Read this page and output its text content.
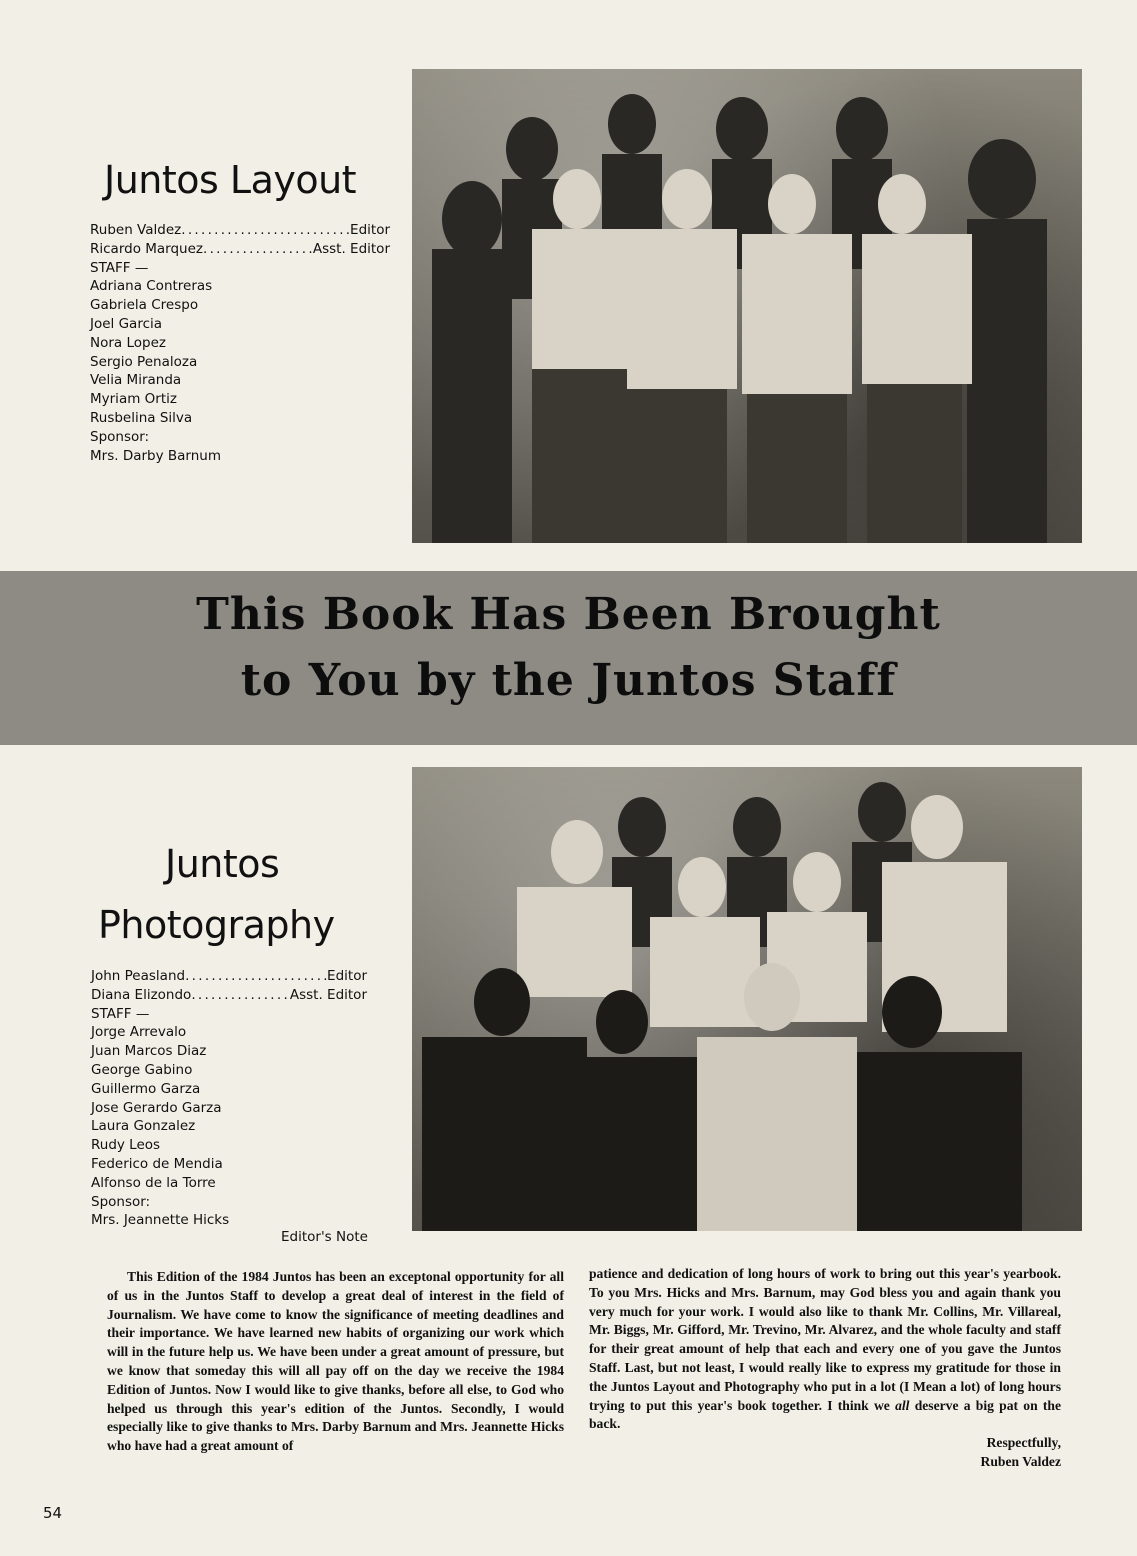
Juntos Layout
Ruben Valdez . . .	Editor
Ricardo Marquez . . .	Asst. Editor
STAFF —
Adriana Contreras
Gabriela Crespo
Joel Garcia
Nora Lopez
Sergio Penaloza
Velia Miranda
Myriam Ortiz
Rusbelina Silva
Sponsor:
Mrs. Darby Barnum
This Book Has Been Brought
to You by the Juntos Staff
Juntos
Photography
John Peasland . . .	Editor
Diana Elizondo . . .	Asst. Editor
STAFF —
Jorge Arrevalo
Juan Marcos Diaz
George Gabino
Guillermo Garza
Jose Gerardo Garza
Laura Gonzalez
Rudy Leos
Federico de Mendia
Alfonso de la Torre
Sponsor:
Mrs. Jeannette Hicks
Editor's Note

This Edition of the 1984 Juntos has been an exceptonal opportunity for all of us in the Juntos Staff to develop a great deal of interest in the field of Journalism. We have come to know the significance of meeting deadlines and their importance. We have learned new habits of organizing our work which will in the future help us. We have been under a great amount of pressure, but we know that someday this will all pay off on the day we receive the 1984 Edition of Juntos. Now I would like to give thanks, before all else, to God who helped us through this year's edition of the Juntos. Secondly, I would especially like to give thanks to Mrs. Darby Barnum and Mrs. Jeannette Hicks who have had a great amount of

patience and dedication of long hours of work to bring out this year's yearbook. To you Mrs. Hicks and Mrs. Barnum, may God bless you and again thank you very much for your work. I would also like to thank Mr. Collins, Mr. Villareal, Mr. Biggs, Mr. Gifford, Mr. Trevino, Mr. Alvarez, and the whole faculty and staff for their great amount of help that each and every one of you gave the Juntos Staff. Last, but not least, I would really like to express my gratitude for those in the Juntos Layout and Photography who put in a lot (I Mean a lot) of long hours trying to put this year's book together. I think we all deserve a big pat on the back.

Respectfully,

Ruben Valdez

54
